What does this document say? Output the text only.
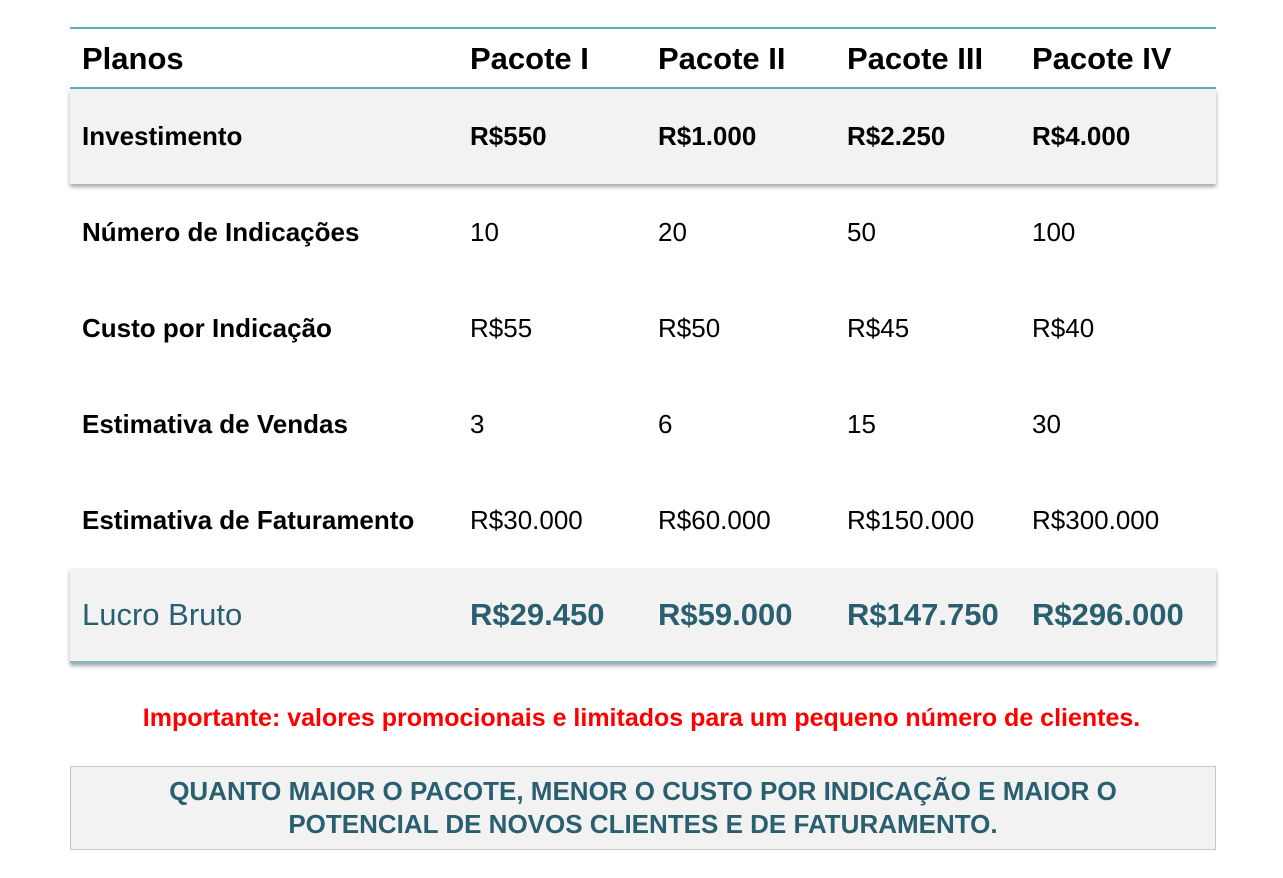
Planos	Pacote I	Pacote II	Pacote III	Pacote IV
Investimento	R$550	R$1.000	R$2.250	R$4.000
Número de Indicações	10	20	50	100
Custo por Indicação	R$55	R$50	R$45	R$40
Estimativa de Vendas	3	6	15	30
Estimativa de Faturamento	R$30.000	R$60.000	R$150.000	R$300.000
Lucro Bruto	R$29.450	R$59.000	R$147.750	R$296.000
Importante: valores promocionais e limitados para um pequeno número de clientes.
QUANTO MAIOR O PACOTE, MENOR O CUSTO POR INDICAÇÃO E MAIOR O
POTENCIAL DE NOVOS CLIENTES E DE FATURAMENTO.
